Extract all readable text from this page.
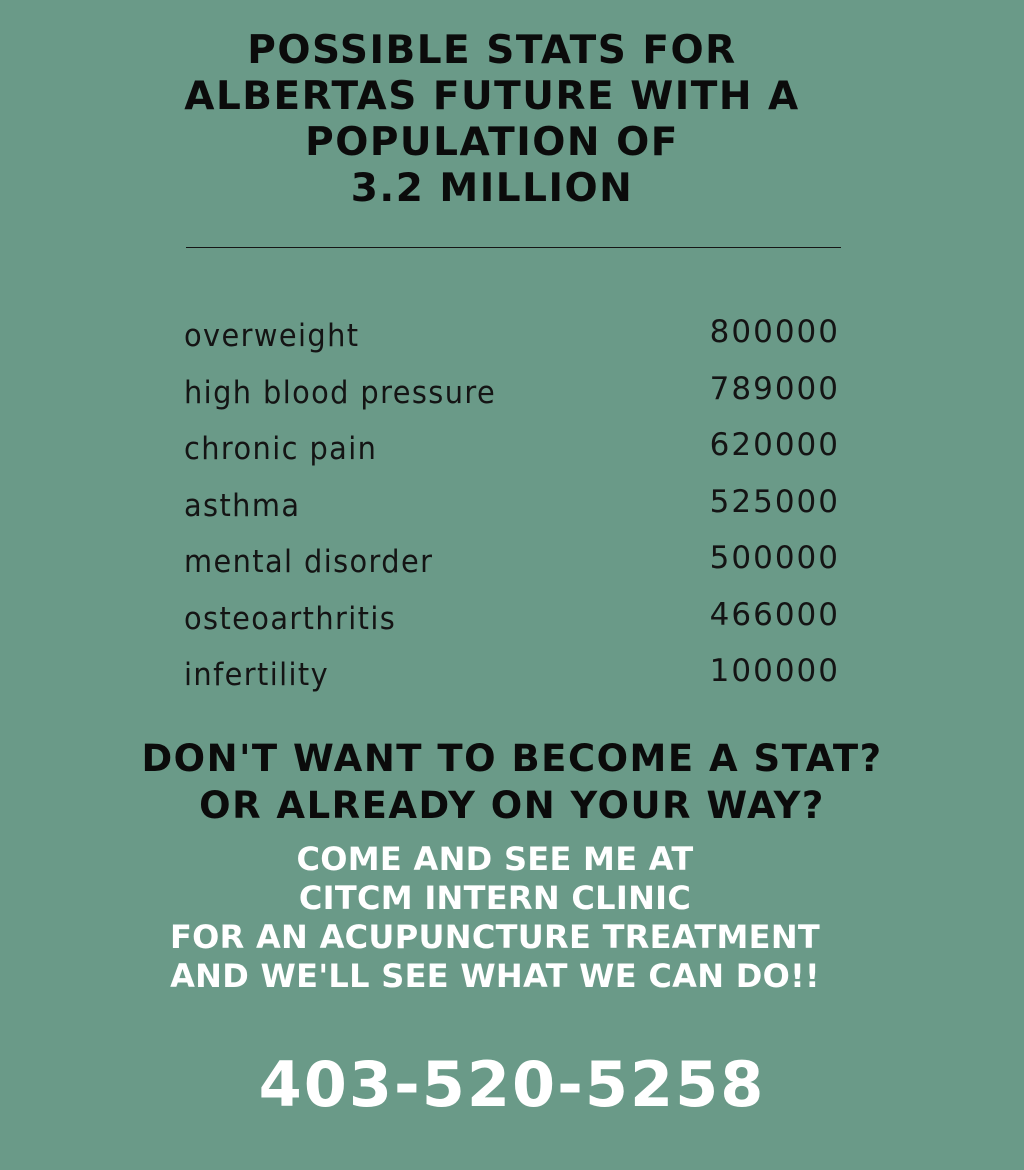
POSSIBLE STATS FOR
ALBERTAS FUTURE WITH A
POPULATION OF
3.2 MILLION
overweight	800000
high blood pressure	789000
chronic pain	620000
asthma	525000
mental disorder	500000
osteoarthritis	466000
infertility	100000
DON'T WANT TO BECOME A STAT?
OR ALREADY ON YOUR WAY?
COME AND SEE ME AT
CITCM INTERN CLINIC
FOR AN ACUPUNCTURE TREATMENT
AND WE'LL SEE WHAT WE CAN DO!!
403-520-5258
